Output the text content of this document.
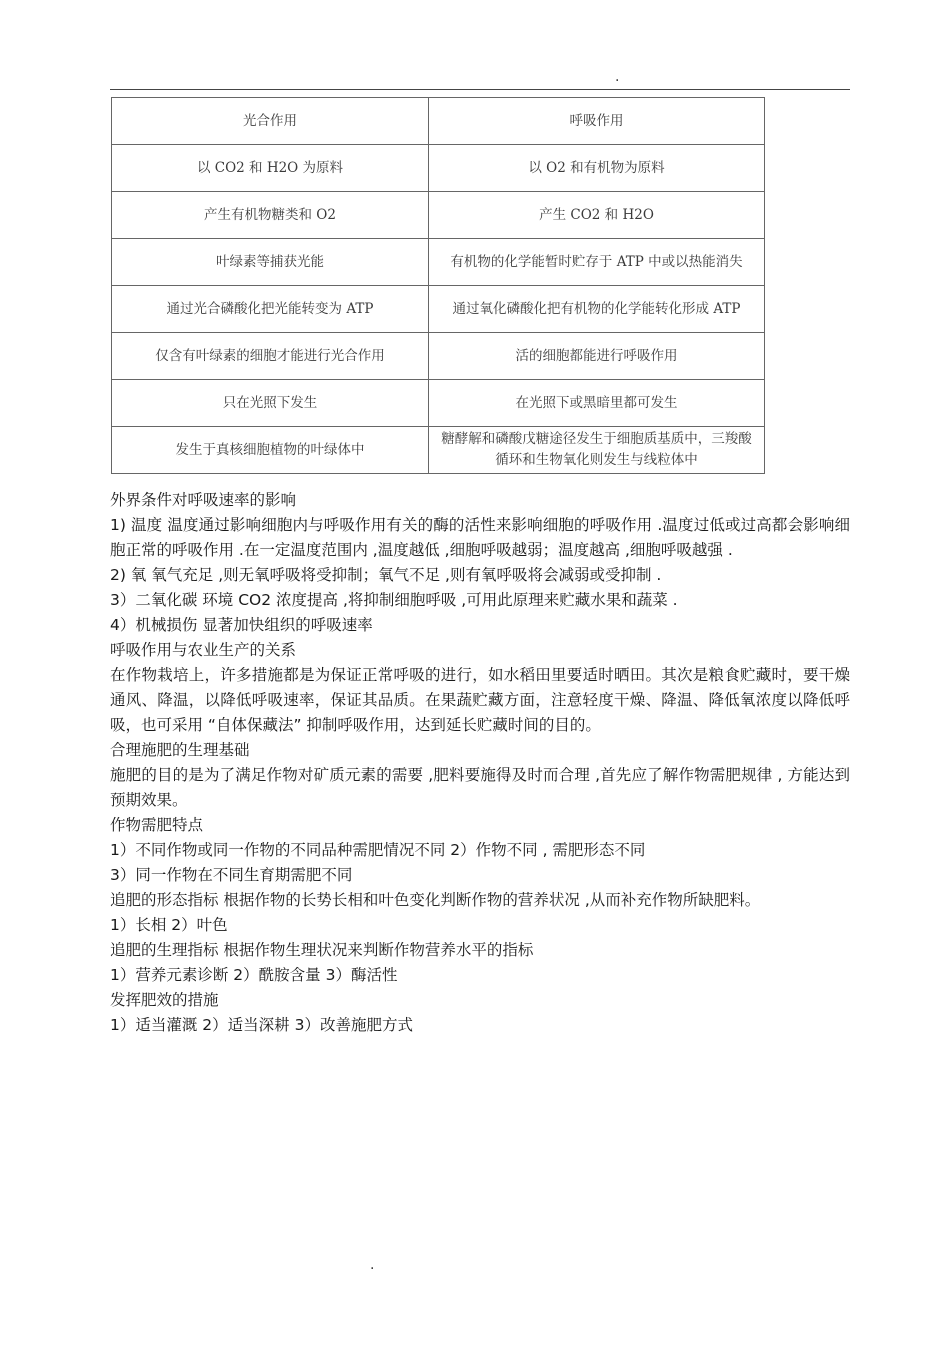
.
光合作用	呼吸作用
以 CO2 和 H2O 为原料	以 O2 和有机物为原料
产生有机物糖类和 O2	产生 CO2 和 H2O
叶绿素等捕获光能	有机物的化学能暂时贮存于 ATP 中或以热能消失
通过光合磷酸化把光能转变为 ATP	通过氧化磷酸化把有机物的化学能转化形成 ATP
仅含有叶绿素的细胞才能进行光合作用	活的细胞都能进行呼吸作用
只在光照下发生	在光照下或黑暗里都可发生
发生于真核细胞植物的叶绿体中	糖酵解和磷酸戊糖途径发生于细胞质基质中，三羧酸循环和生物氧化则发生与线粒体中

外界条件对呼吸速率的影响

1) 温度 温度通过影响细胞内与呼吸作用有关的酶的活性来影响细胞的呼吸作用 .温度过低或过高都会影响细胞正常的呼吸作用 .在一定温度范围内 ,温度越低 ,细胞呼吸越弱；温度越高 ,细胞呼吸越强 .

2) 氧 氧气充足 ,则无氧呼吸将受抑制；氧气不足 ,则有氧呼吸将会减弱或受抑制 .

3）二氧化碳 环境 CO2 浓度提高 ,将抑制细胞呼吸 ,可用此原理来贮藏水果和蔬菜 .

4）机械损伤 显著加快组织的呼吸速率

呼吸作用与农业生产的关系

在作物栽培上，许多措施都是为保证正常呼吸的进行，如水稻田里要适时晒田。其次是粮食贮藏时，要干燥通风、降温，以降低呼吸速率，保证其品质。在果蔬贮藏方面，注意轻度干燥、降温、降低氧浓度以降低呼吸，也可采用 “自体保藏法” 抑制呼吸作用，达到延长贮藏时间的目的。

合理施肥的生理基础

施肥的目的是为了满足作物对矿质元素的需要 ,肥料要施得及时而合理 ,首先应了解作物需肥规律 , 方能达到预期效果。

作物需肥特点

1）不同作物或同一作物的不同品种需肥情况不同 2）作物不同 , 需肥形态不同

3）同一作物在不同生育期需肥不同

追肥的形态指标 根据作物的长势长相和叶色变化判断作物的营养状况 ,从而补充作物所缺肥料。

1）长相 2）叶色

追肥的生理指标 根据作物生理状况来判断作物营养水平的指标

1）营养元素诊断 2）酰胺含量 3）酶活性

发挥肥效的措施

1）适当灌溉 2）适当深耕 3）改善施肥方式

.
